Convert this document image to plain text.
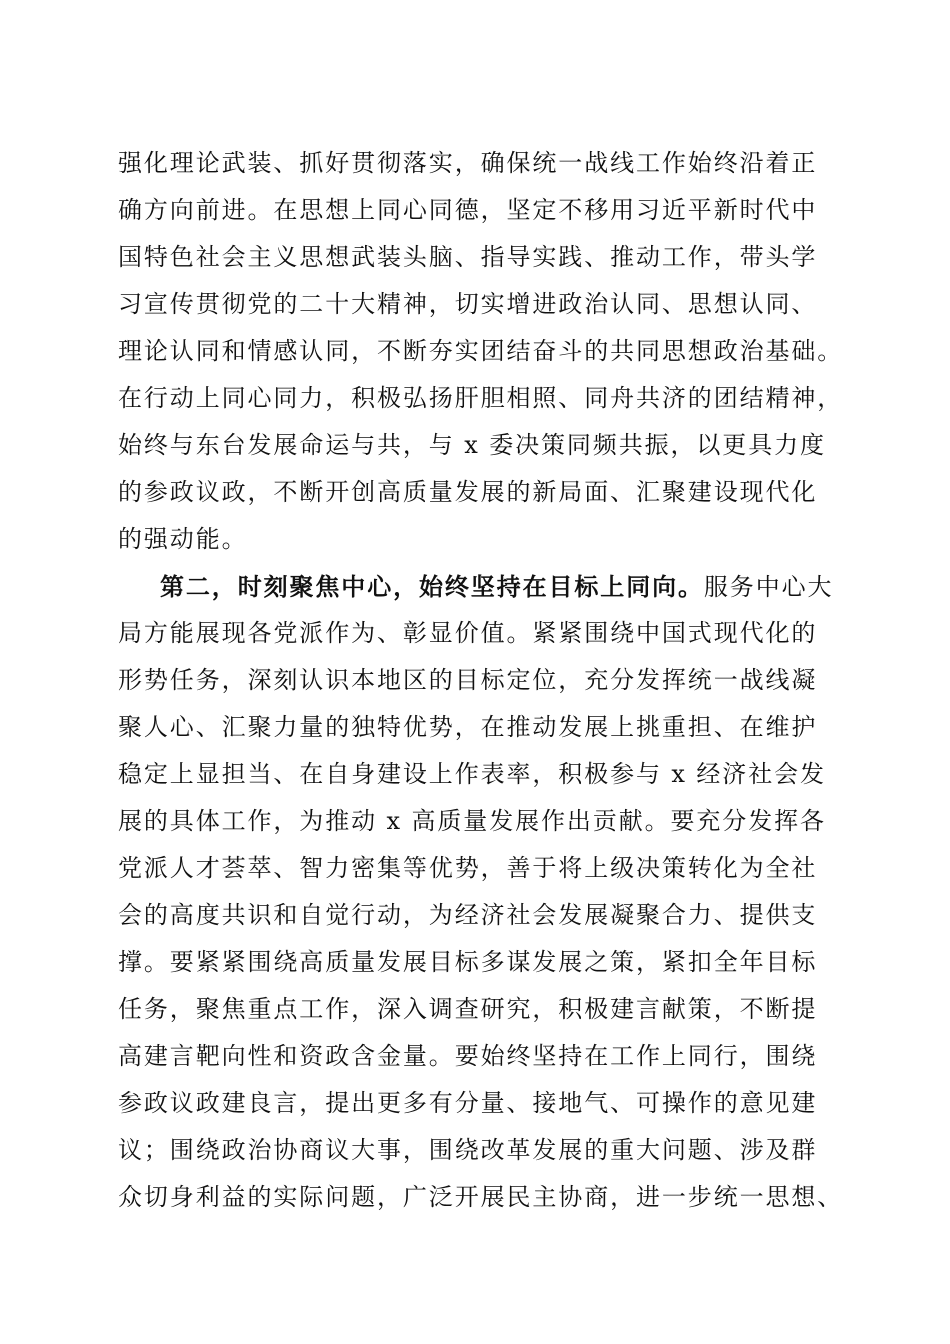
强化理论武装、抓好贯彻落实，确保统一战线工作始终沿着正
确方向前进。在思想上同心同德，坚定不移用习近平新时代中
国特色社会主义思想武装头脑、指导实践、推动工作，带头学
习宣传贯彻党的二十大精神，切实增进政治认同、思想认同、
理论认同和情感认同，不断夯实团结奋斗的共同思想政治基础。
在行动上同心同力，积极弘扬肝胆相照、同舟共济的团结精神，
始终与东台发展命运与共，与 x 委决策同频共振，以更具力度
的参政议政，不断开创高质量发展的新局面、汇聚建设现代化
的强动能。
第二，时刻聚焦中心，始终坚持在目标上同向。服务中心大
局方能展现各党派作为、彰显价值。紧紧围绕中国式现代化的
形势任务，深刻认识本地区的目标定位，充分发挥统一战线凝
聚人心、汇聚力量的独特优势，在推动发展上挑重担、在维护
稳定上显担当、在自身建设上作表率，积极参与 x 经济社会发
展的具体工作，为推动 x 高质量发展作出贡献。要充分发挥各
党派人才荟萃、智力密集等优势，善于将上级决策转化为全社
会的高度共识和自觉行动，为经济社会发展凝聚合力、提供支
撑。要紧紧围绕高质量发展目标多谋发展之策，紧扣全年目标
任务，聚焦重点工作，深入调查研究，积极建言献策，不断提
高建言靶向性和资政含金量。要始终坚持在工作上同行，围绕
参政议政建良言，提出更多有分量、接地气、可操作的意见建
议；围绕政治协商议大事，围绕改革发展的重大问题、涉及群
众切身利益的实际问题，广泛开展民主协商，进一步统一思想、
